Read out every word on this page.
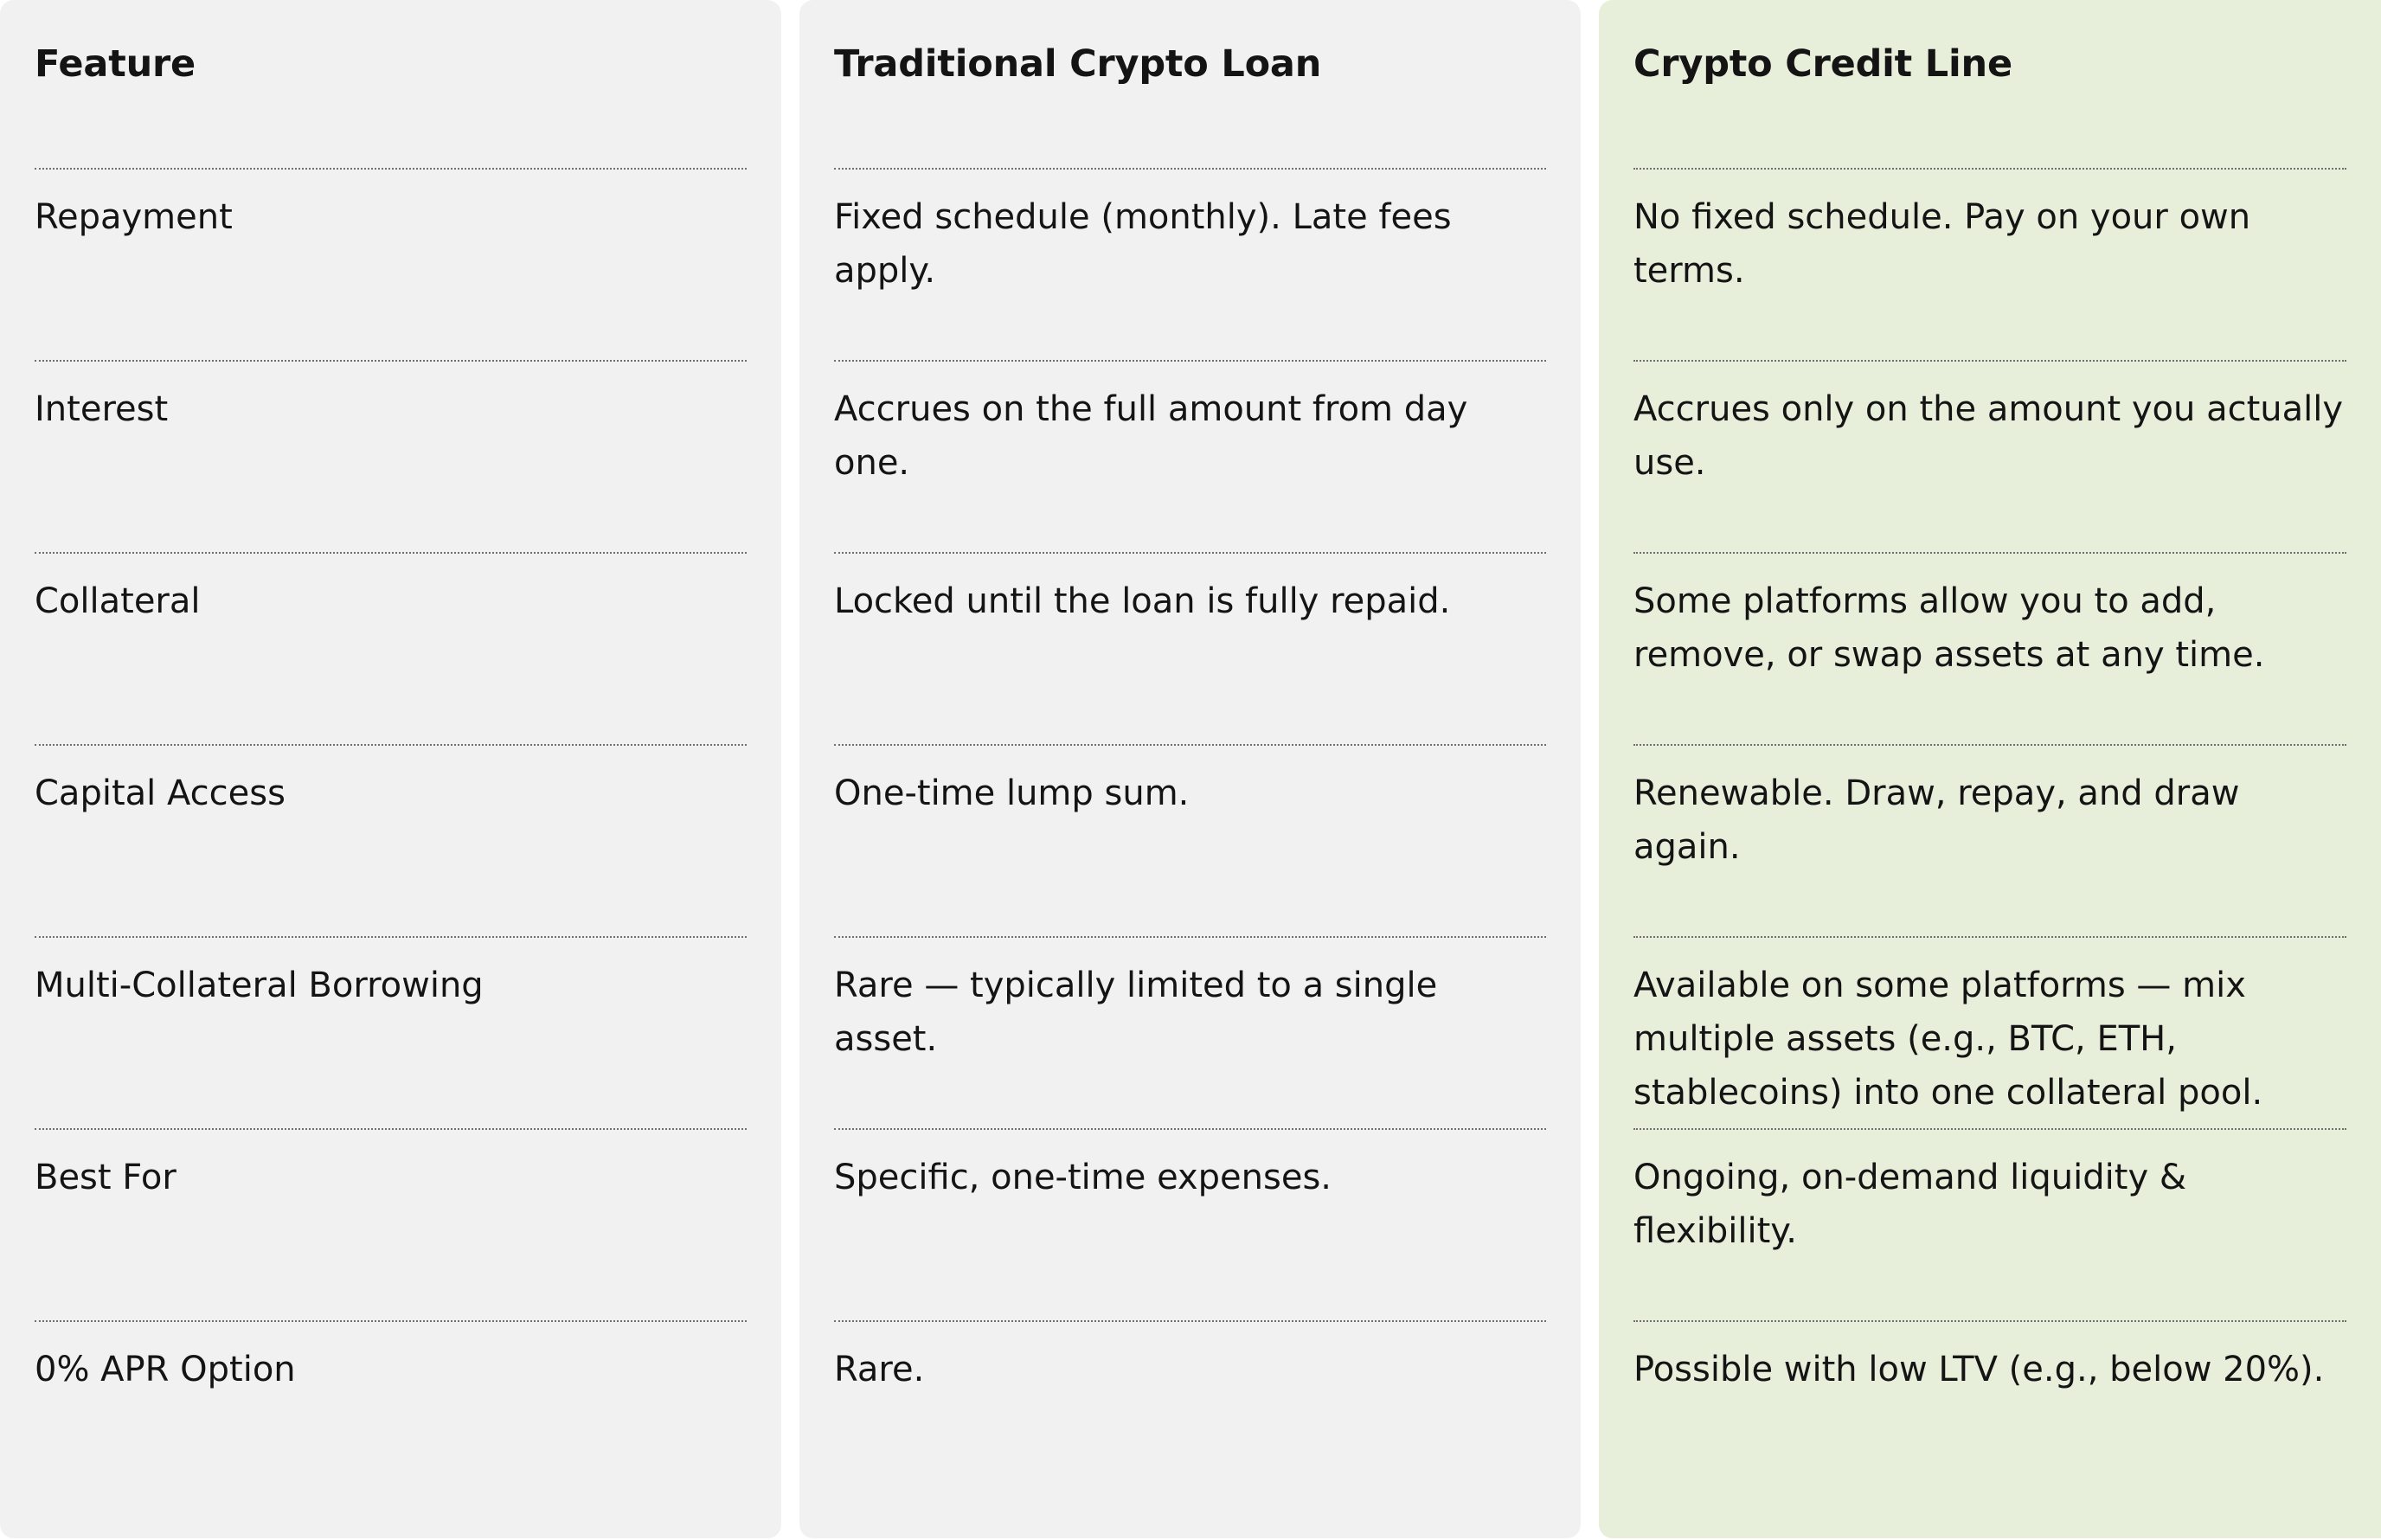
Feature
Repayment
Interest
Collateral
Capital Access
Multi-Collateral Borrowing
Best For
0% APR Option
Traditional Crypto Loan
Fixed schedule (monthly). Late fees apply.
Accrues on the full amount from day one.
Locked until the loan is fully repaid.
One-time lump sum.
Rare — typically limited to a single asset.
Specific, one-time expenses.
Rare.
Crypto Credit Line
No fixed schedule. Pay on your own terms.
Accrues only on the amount you actually use.
Some platforms allow you to add, remove, or swap assets at any time.
Renewable. Draw, repay, and draw again.
Available on some platforms — mix multiple assets (e.g., BTC, ETH, stablecoins) into one collateral pool.
Ongoing, on-demand liquidity & flexibility.
Possible with low LTV (e.g., below 20%).
